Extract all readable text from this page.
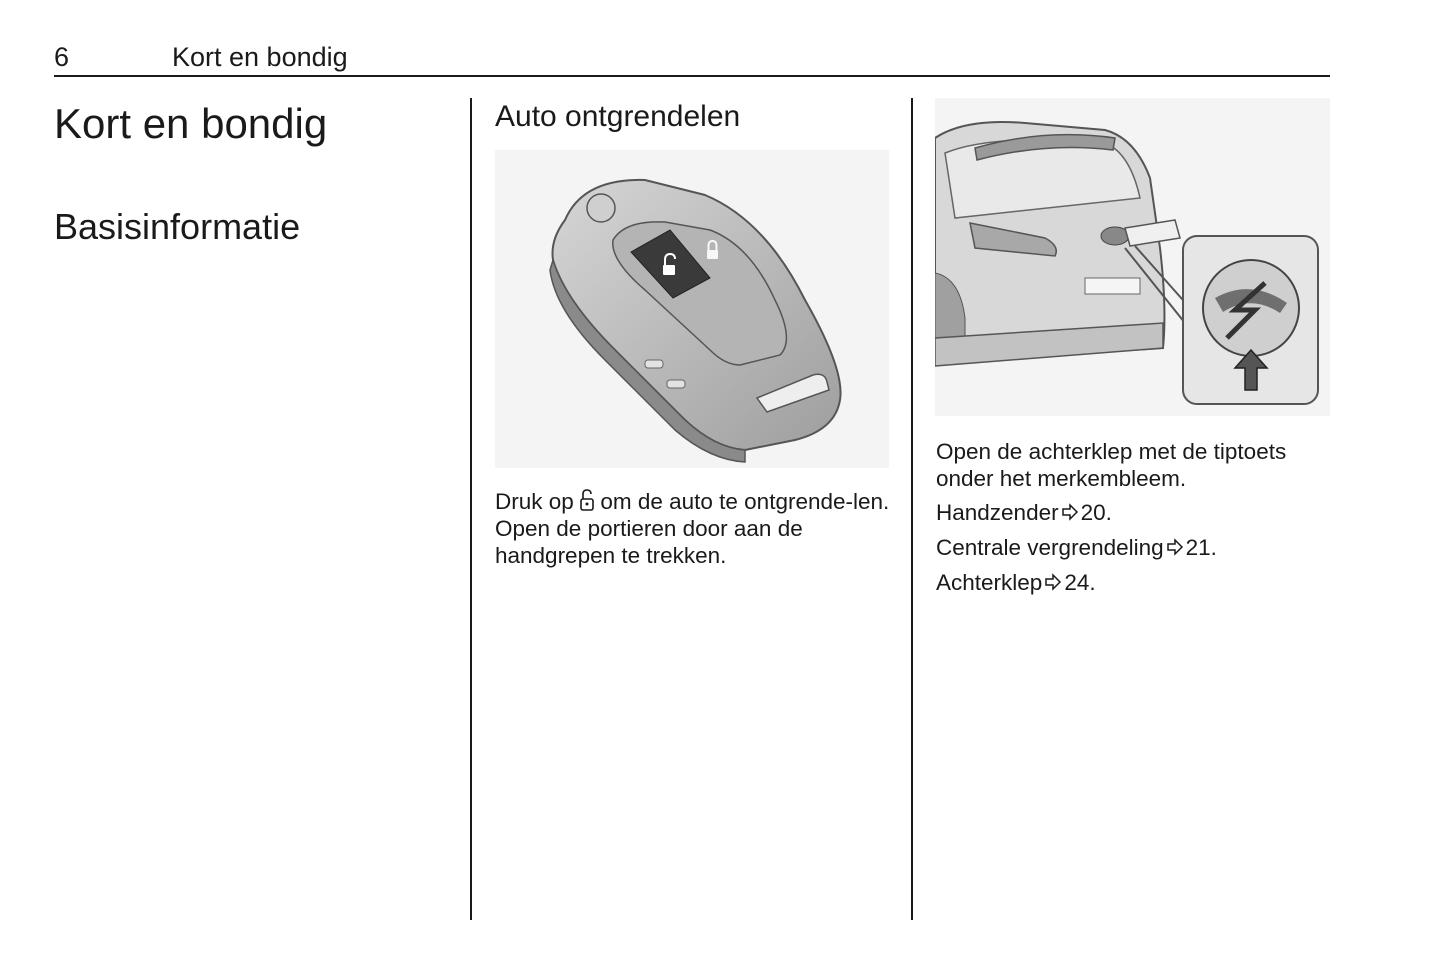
6	Kort en bondig
Kort en bondig
Basisinformatie
Auto ontgrendelen

Druk op om de auto te ontgrende-len. Open de portieren door aan de handgrepen te trekken.

Open de achterklep met de tiptoets onder het merkembleem.

Handzender 20.

Centrale vergrendeling 21.

Achterklep 24.
